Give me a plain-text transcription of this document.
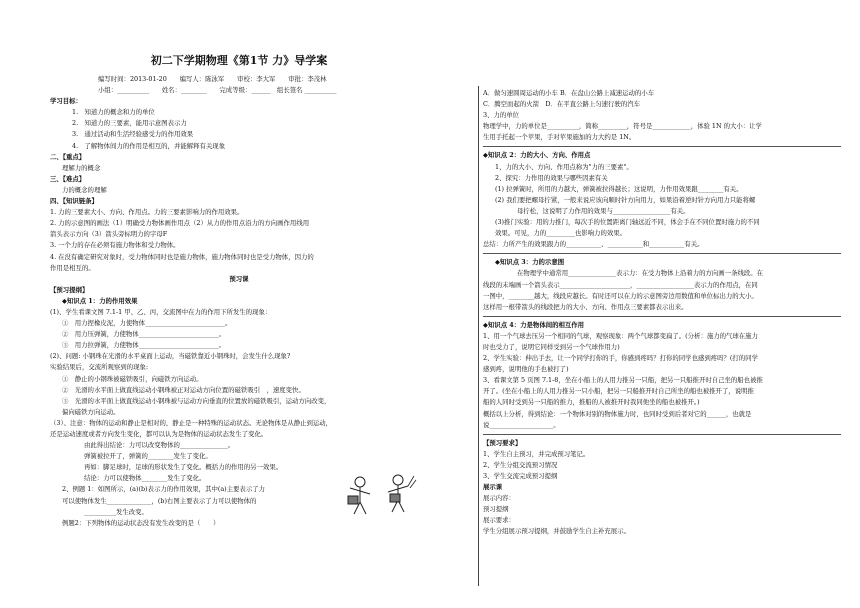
初二下学期物理《第1节 力》导学案
编写时间：2013-01-20　　编写人：陈泳军　　审校：李大军　　审批：李茂林
小组：__________　　姓名：________　　完成等级：______　组长签名 __________
学习目标：
1.　知道力的概念和力的单位
2.　知道力的三要素，能用示意图表示力
3.　通过活动和生活经验感受力的作用效果
4.　了解物体间力的作用是相互的，并能解释有关现象
二、【重点】
理解力的概念
三、【难点】
力的概念的理解
四、【知识链条】
1. 力的三要素大小、方向、作用点。力的三要素影响力的作用效果。
2. 力的示意图的画法（1）明确受力物体画作用点（2）从力的作用点沿力的方向画作用线用
箭头表示方向（3）箭头旁标明力的字母F
3. 一个力的存在必须有施力物体和受力物体。
4. 在没有确定研究对象时，受力物体同时也是施力物体，施力物体同时也是受力物体，因力的
作用是相互的。
预习课
【预习提纲】
◆知识点 1：力的作用效果
(1)、学生看课文图 7.1-1 甲、乙、丙，交流图中在力的作用下所发生的现象：
①　用力捏橡皮泥，力使物体_________________________。
②　用力压弹簧，力使物体_________________________。
③　用力拉弹簧，力使物体_________________________。
(2)、问题: 小钢珠在光滑的水平桌面上运动，当磁铁靠近小钢珠时，会发生什么现象?
实验结果后，交流所观察到的现象:
①　静止的小钢珠被磁铁吸引，向磁铁方向运动。
②　光滑的水平面上做直线运动小钢珠被正对运动方向位置的磁铁吸引　，速度变快。
③　光滑的水平面上做直线运动小钢珠被与运动方向垂直的位置放的磁铁吸引，运动方向改变，
偏向磁铁方向运动。
（3）、注意：物体的运动和静止是相对的，静止是一种特殊的运动状态。无论物体是从静止到运动，
还是运动速度或者方向发生变化，都可以认为是物体的运动状态发生了变化。
由此得出结论：力可以改变物体的_______________。
弹簧被拉开了，弹簧的________发生了变化。
再如：脚足球时，足球的形状发生了变化。概括力的作用的另一效果。
结论：力可以使物体________发生了变化。
2、例题 1：如图所示，(a)(b)表示力的作用效果，其中(a)主要表示了力
可以使物体发生______________，(b)右图主要表示了力可以使物体的
__________发生改变。
例题2：下列物体的运动状态没有发生改变的是（　　）
A．做匀速圆周运动的小车 B．在盘山公路上减速运动的小车
C．腾空而起的火箭　D．在平直公路上匀速行驶的汽车
3、力的单位
物理学中，力的单位是__________，简称_________，符号是____________，体验 1N 的大小：让学
生用手托起一个苹果，手对苹果施加的力大约是 1N。
◆知识点 2：力的大小、方向、作用点
1、力的大小、方向、作用点称为"力的三要素"。
2、探究：力作用的效果与哪些因素有关
(1) 拉弹簧时，所用的力越大，弹簧被拉得越长；这说明，力作用效果跟________有关。
(2) 我们要把螺母拧紧，一般来说应该向顺时针方向用力，如果沿着逆时针方向用力只能将螺
母拧松，这说明了力作用的效果与__________________有关。
(3)推门实验：用的力推门，每次手的位置距离门轴远近不同，体会手在不同位置时施力的不同
效果。可见，力的_________也影响力的效果。
总结：力所产生的效果跟力的___________、___________和___________有关。
◆知识点 3：力的示意图
在物理学中通常用_______________表示力：在受力物体上沿着力的方向画一条线段。在
线段的末端画一个箭头表示______________________，__________________表示力的作用点，在同
一图中，________越大，线段应越长。有时还可以在力的示意图旁边用数值和单位标出力的大小。
这样用一根带箭头的线段把力的大小、方向、作用点三要素都表示出来。
◆知识点 4：力是物体间的相互作用
1、用一个气球去压另一个相同的气球，观察现象：两个气球都变扁了。(分析：施力的气球在施力
时也受力了，说明它同样受到另一个气球作用力)
2、学生实验：伸出手去，让一个同学打你的手，你感到疼吗？打你的同学也感到疼吗？(打的同学
感到疼，说明他的手也被打了)
3、看课文第 5 页图 7.1-8，坐在小船上的人用力推另一只船，把另一只船推开时自己坐的船也被推
开了。(坐在小船上的人用力推另一只小船，把另一只船推开时自己所坐的船也被推开了，说明推
船的人同时受到另一只船的推力，推船的人被推开时我同他坐的船也被推开。)
概括以上分析，得到结论：一个物体对别的物体施力时，也同时受到后者对它的______，也就是
说____________________。
【预习要求】
1、学生自主预习，并完成预习笔记。
2、学生分组交流预习情况
3、学生交流完成预习提纲
展示课
展示内容：
预习提纲
展示要求：
学生分组展示预习提纲，并鼓励学生自主补充展示。
